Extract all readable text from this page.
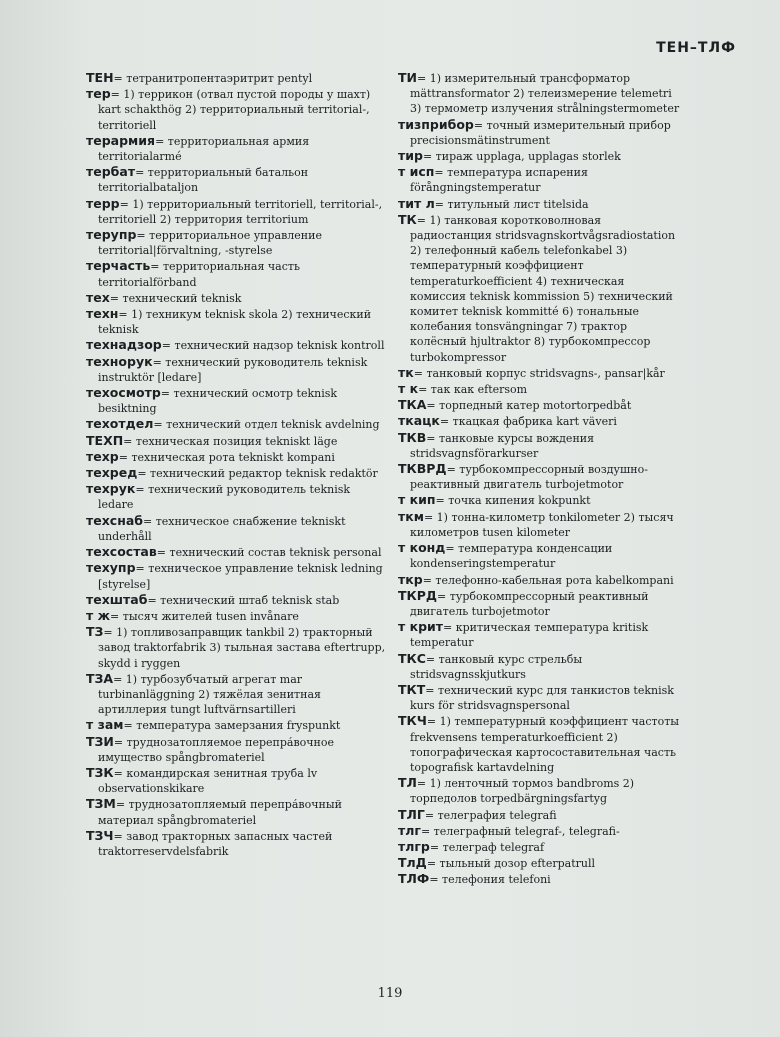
ТЕН–ТЛФ

ТЕН= тетранитропентаэритрит pentyl

тер= 1) террикон (отвал пустой породы у шахт) kart schakthög 2) территориальный territorial-, territoriell

терармия= территориальная армия territorialarmé

тербат= территориальный батальон territorialbataljon

терр= 1) территориальный territoriell, territorial-, territoriell 2) территория territorium

терупр= территориальное управление territorial|förvaltning, -styrelse

терчасть= территориальная часть territorialförband

тех= технический teknisk

техн= 1) техникум teknisk skola 2) технический teknisk

технадзор= технический надзор teknisk kontroll

технорук= технический руководитель teknisk instruktör [ledare]

техосмотр= технический осмотр teknisk besiktning

техотдел= технический отдел teknisk avdelning

ТЕХП= техническая позиция tekniskt läge

техр= техническая рота tekniskt kompani

техред= технический редактор teknisk redaktör

техрук= технический руководитель teknisk ledare

техснаб= техническое снабжение tekniskt underhåll

техсостав= технический состав teknisk personal

техупр= техническое управление teknisk ledning [styrelse]

техштаб= технический штаб teknisk stab

т ж= тысяч жителей tusen invånare

ТЗ= 1) топливозаправщик tankbil 2) тракторный завод traktorfabrik 3) тыльная застава eftertrupp, skydd i ryggen

ТЗА= 1) турбозубчатый агрегат mar turbinanläggning 2) тяжёлая зенитная артиллерия tungt luftvärnsartilleri

т зам= температура замерзания fryspunkt

ТЗИ= труднозатопляемое перепра́вочное имущество spångbromateriel

ТЗК= командирская зенитная труба lv observationskikare

ТЗМ= труднозатопляемый перепра́вочный материал spångbromateriel

ТЗЧ= завод тракторных запасных частей traktorreservdelsfabrik

ТИ= 1) измерительный трансформатор mättransformator 2) телеизмерение telemetri 3) термометр излучения strålningstermometer

тизприбор= точный измерительный прибор precisionsmätinstrument

тир= тираж upplaga, upplagas storlek

т исп= температура испарения förångningstemperatur

тит л= титульный лист titelsida

ТК= 1) танковая коротковолновая радиостанция stridsvagnskortvågsradiostation 2) телефонный кабель telefonkabel 3) температурный коэффициент temperaturkoefficient 4) техническая комиссия teknisk kommission 5) технический комитет teknisk kommitté 6) тональные колебания tonsvängningar 7) трактор колёсный hjultraktor 8) турбокомпрессор turbokompressor

тк= танковый корпус stridsvagns-, pansar|kår

т к= так как eftersom

ТКА= торпедный катер motortorpedbåt

ткацк= ткацкая фабрика kart väveri

ТКВ= танковые курсы вождения stridsvagnsförarkurser

ТКВРД= турбокомпрессорный воздушно-реактивный двигатель turbojetmotor

т кип= точка кипения kokpunkt

ткм= 1) тонна-километр tonkilometer 2) тысяч километров tusen kilometer

т конд= температура конденсации kondenseringstemperatur

ткр= телефонно-кабельная рота kabelkompani

ТКРД= турбокомпрессорный реактивный двигатель turbojetmotor

т крит= критическая температура kritisk temperatur

ТКС= танковый курс стрельбы stridsvagnsskjutkurs

ТКТ= технический курс для танкистов teknisk kurs för stridsvagnspersonal

ТКЧ= 1) температурный коэффициент частоты frekvensens temperaturkoefficient 2) топографическая картосоставительная часть topografisk kartavdelning

ТЛ= 1) ленточный тормоз bandbroms 2) торпедолов torpedbärgningsfartyg

ТЛГ= телеграфия telegrafi

тлг= телеграфный telegraf-, telegrafi-

тлгр= телеграф telegraf

ТлД= тыльный дозор efterpatrull

ТЛФ= телефония telefoni

119
